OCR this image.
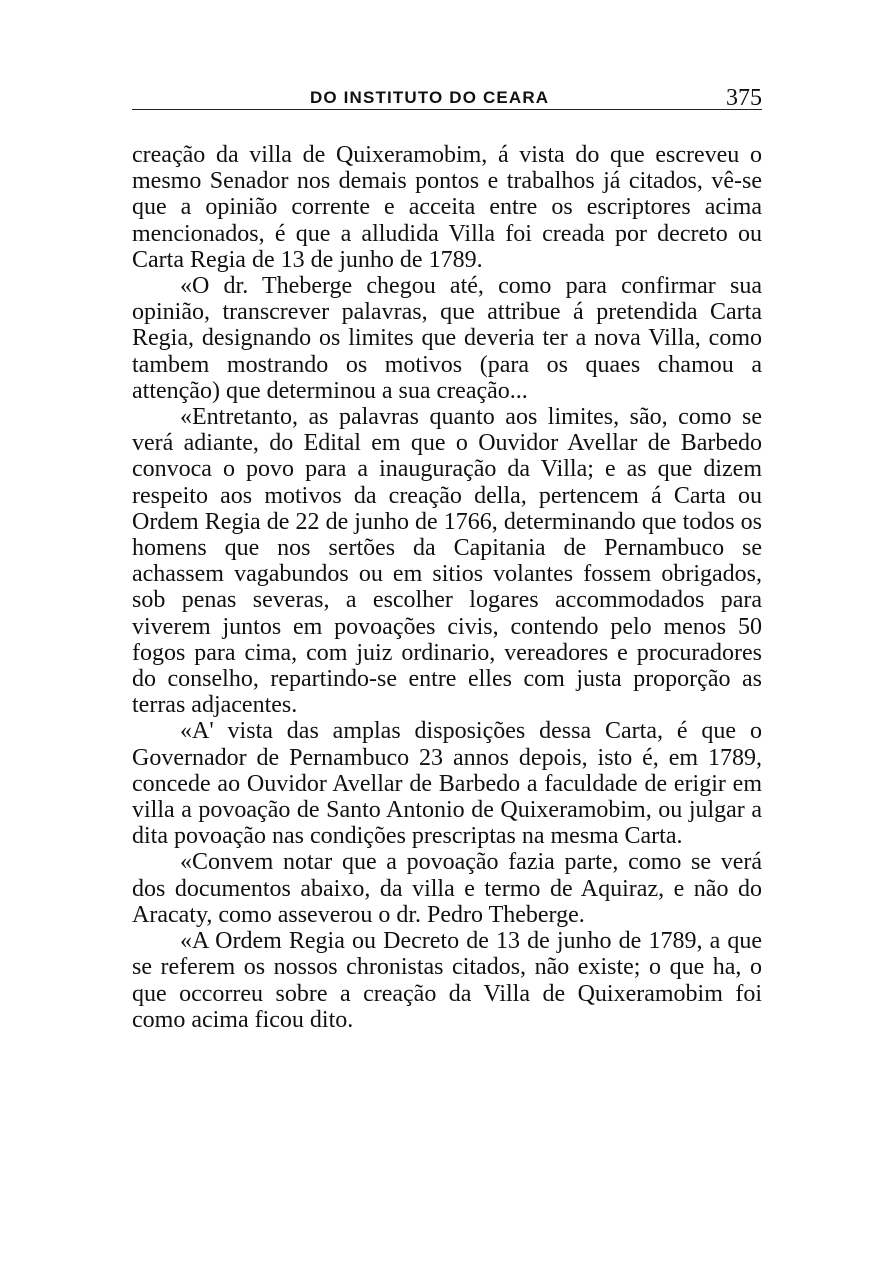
DO INSTITUTO DO CEARA	375

creação da villa de Quixeramobim, á vista do que escreveu o mesmo Senador nos demais pontos e trabalhos já citados, vê-se que a opinião corrente e acceita entre os escriptores acima mencionados, é que a alludida Villa foi creada por decreto ou Carta Regia de 13 de junho de 1789.

«O dr. Theberge chegou até, como para confirmar sua opinião, transcrever palavras, que attribue á pretendida Carta Regia, designando os limites que deveria ter a nova Villa, como tambem mostrando os motivos (para os quaes chamou a attenção) que determinou a sua creação...

«Entretanto, as palavras quanto aos limites, são, como se verá adiante, do Edital em que o Ouvidor Avellar de Barbedo convoca o povo para a inauguração da Villa; e as que dizem respeito aos motivos da creação della, pertencem á Carta ou Ordem Regia de 22 de junho de 1766, determinando que todos os homens que nos sertões da Capitania de Pernambuco se achassem vagabundos ou em sitios volantes fossem obrigados, sob penas severas, a escolher logares accommodados para viverem juntos em povoações civis, contendo pelo menos 50 fogos para cima, com juiz ordinario, vereadores e procuradores do conselho, repartindo-se entre elles com justa proporção as terras adjacentes.

«A' vista das amplas disposições dessa Carta, é que o Governador de Pernambuco 23 annos depois, isto é, em 1789, concede ao Ouvidor Avellar de Barbedo a faculdade de erigir em villa a povoação de Santo Antonio de Quixeramobim, ou julgar a dita povoação nas condições prescriptas na mesma Carta.

«Convem notar que a povoação fazia parte, como se verá dos documentos abaixo, da villa e termo de Aquiraz, e não do Aracaty, como asseverou o dr. Pedro Theberge.

«A Ordem Regia ou Decreto de 13 de junho de 1789, a que se referem os nossos chronistas citados, não existe; o que ha, o que occorreu sobre a creação da Villa de Quixeramobim foi como acima ficou dito.
